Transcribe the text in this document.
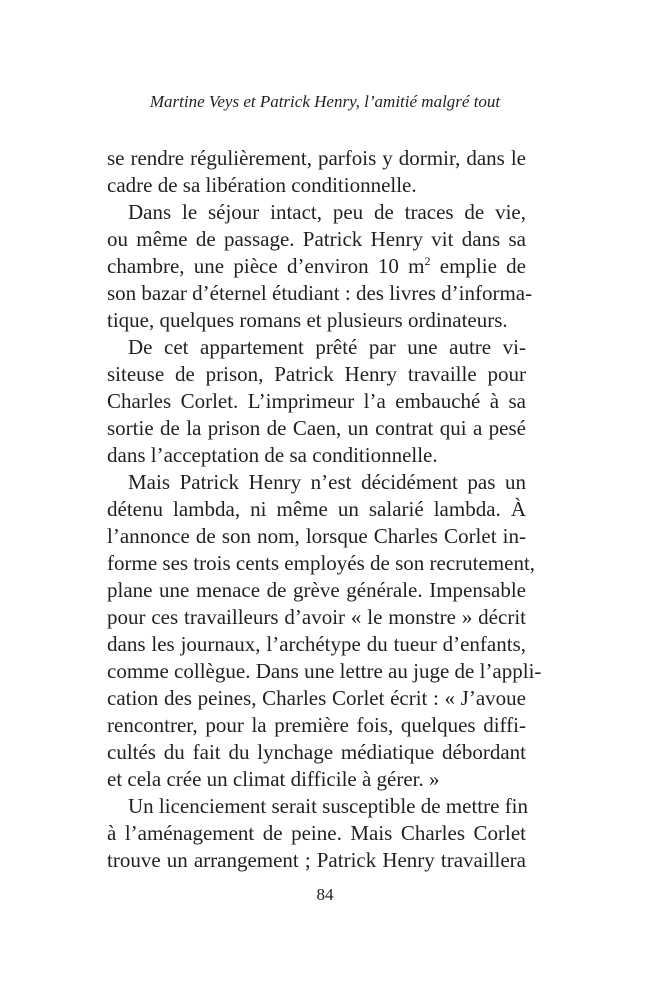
Martine Veys et Patrick Henry, l’amitié malgré tout
se rendre régulièrement, parfois y dormir, dans le
cadre de sa libération conditionnelle.
Dans le séjour intact, peu de traces de vie,
ou même de passage. Patrick Henry vit dans sa
chambre, une pièce d’environ 10 $m^2$ emplie de
son bazar d’éternel étudiant : des livres d’informa-
tique, quelques romans et plusieurs ordinateurs.
De cet appartement prêté par une autre vi-
siteuse de prison, Patrick Henry travaille pour
Charles Corlet. L’imprimeur l’a embauché à sa
sortie de la prison de Caen, un contrat qui a pesé
dans l’acceptation de sa conditionnelle.
Mais Patrick Henry n’est décidément pas un
détenu lambda, ni même un salarié lambda. À
l’annonce de son nom, lorsque Charles Corlet in-
forme ses trois cents employés de son recrutement,
plane une menace de grève générale. Impensable
pour ces travailleurs d’avoir « le monstre » décrit
dans les journaux, l’archétype du tueur d’enfants,
comme collègue. Dans une lettre au juge de l’appli-
cation des peines, Charles Corlet écrit : « J’avoue
rencontrer, pour la première fois, quelques diffi-
cultés du fait du lynchage médiatique débordant
et cela crée un climat difficile à gérer. »
Un licenciement serait susceptible de mettre fin
à l’aménagement de peine. Mais Charles Corlet
trouve un arrangement ; Patrick Henry travaillera
84
